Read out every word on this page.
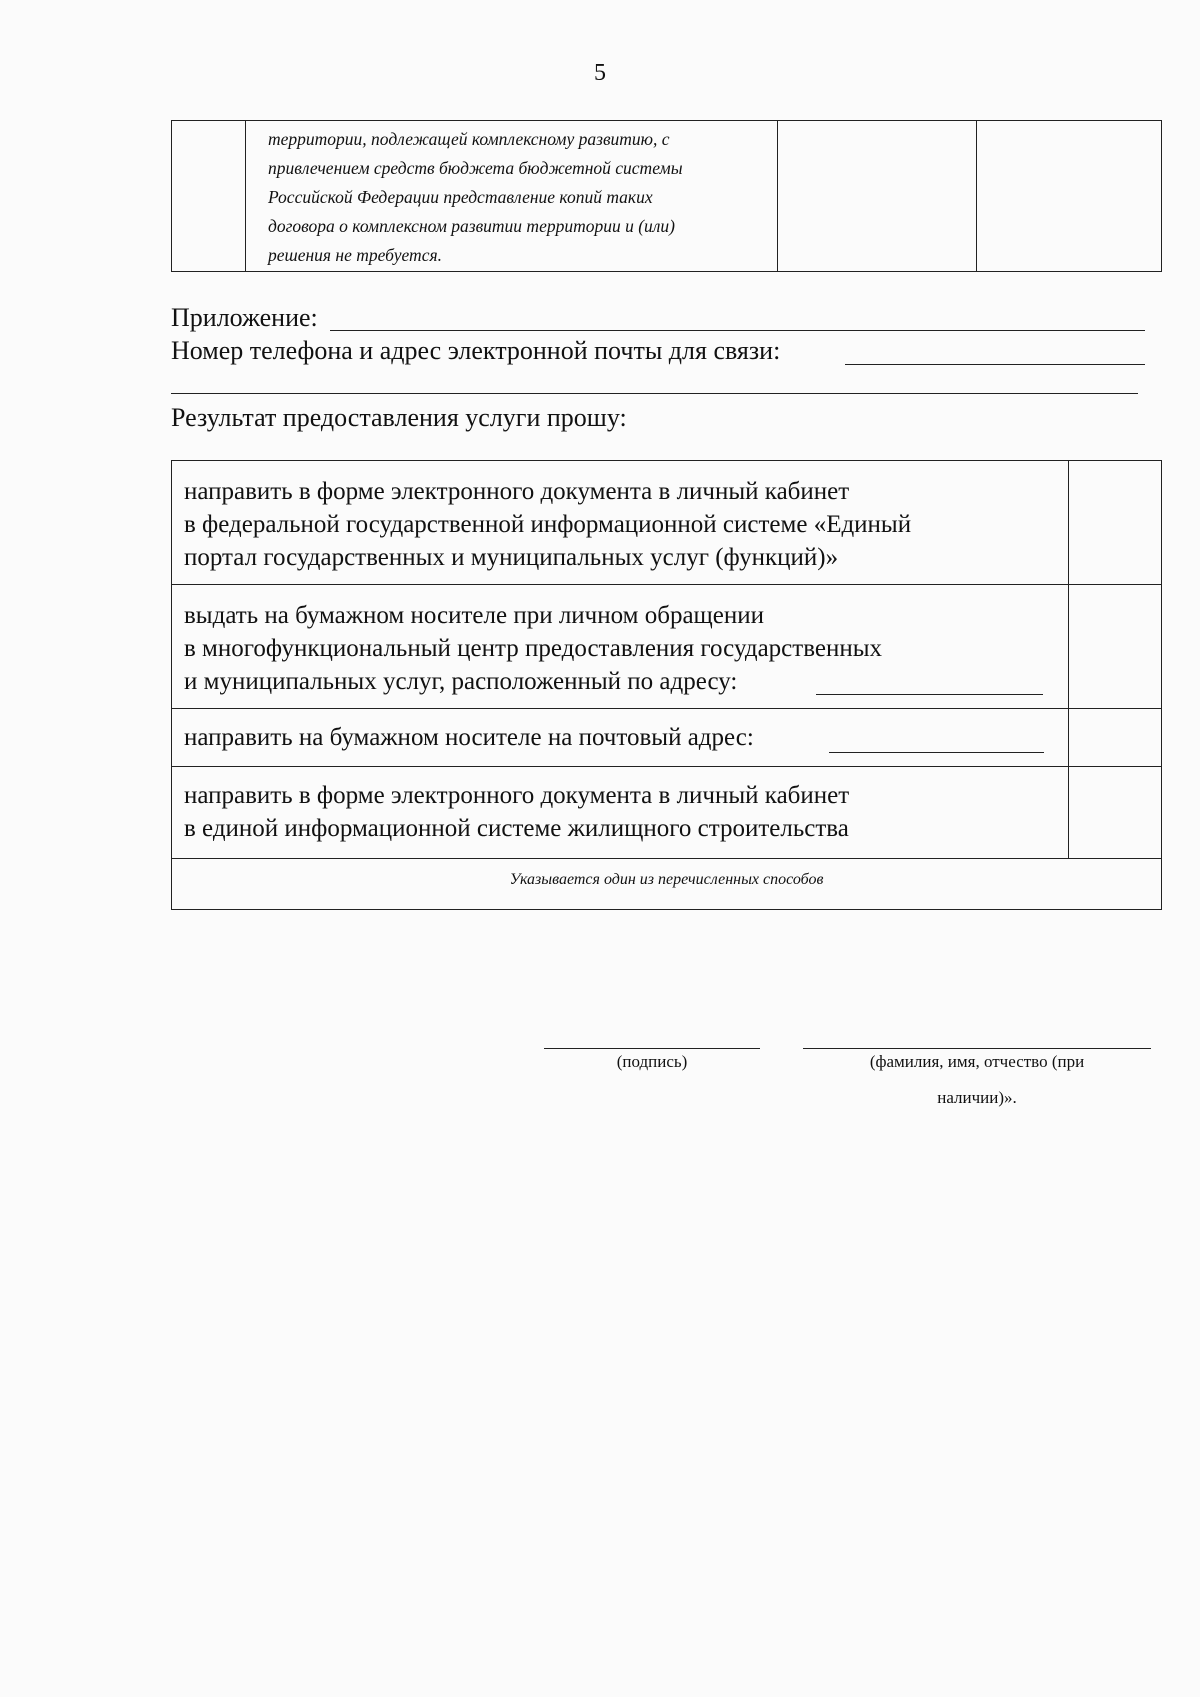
5

территории, подлежащей комплексному развитию, с

привлечением средств бюджета бюджетной системы

Российской Федерации представление копий таких

договора о комплексном развитии территории и (или)

решения не требуется.

Приложение:
Номер телефона и адрес электронной почты для связи:
Результат предоставления услуги прошу:
направить в форме электронного документа в личный кабинет
в федеральной государственной информационной системе «Единый
портал государственных и муниципальных услуг (функций)»
выдать на бумажном носителе при личном обращении
в многофункциональный центр предоставления государственных
и муниципальных услуг, расположенный по адресу:
направить на бумажном носителе на почтовый адрес:
направить в форме электронного документа в личный кабинет
в единой информационной системе жилищного строительства
Указывается один из перечисленных способов
(подпись)	(фамилия, имя, отчество (при
наличии)».
